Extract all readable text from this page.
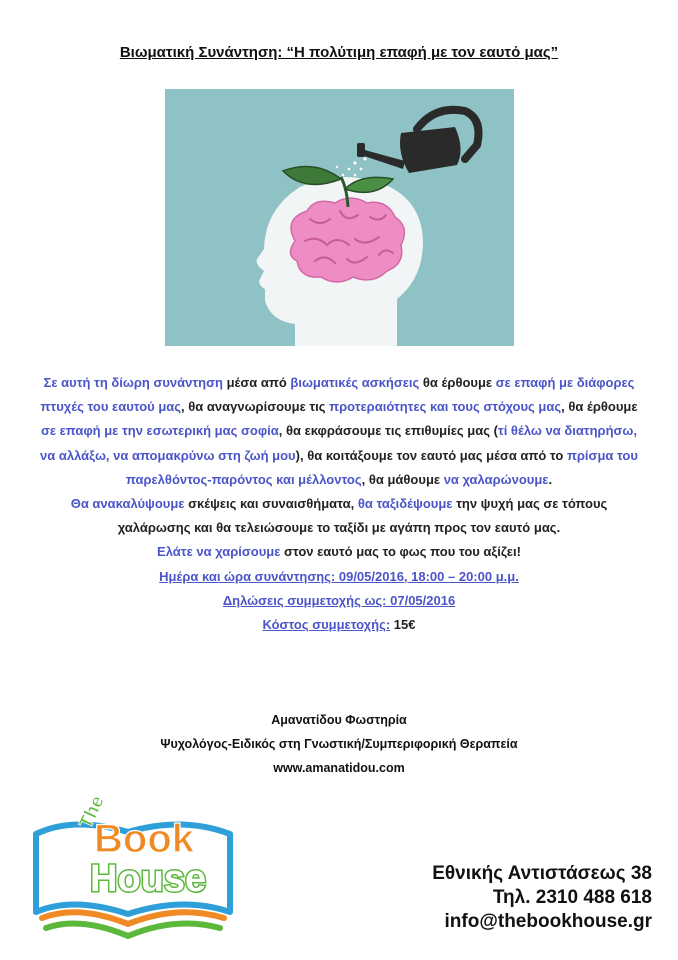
Βιωματική Συνάντηση: “Η πολύτιμη επαφή με τον εαυτό μας”
Σε αυτή τη δίωρη συνάντηση μέσα από βιωματικές ασκήσεις θα έρθουμε σε επαφή με διάφορες πτυχές του εαυτού μας, θα αναγνωρίσουμε τις προτεραιότητες και τους στόχους μας, θα έρθουμε σε επαφή με την εσωτερική μας σοφία, θα εκφράσουμε τις επιθυμίες μας (τί θέλω να διατηρήσω, να αλλάξω, να απομακρύνω στη ζωή μου), θα κοιτάξουμε τον εαυτό μας μέσα από το πρίσμα του παρελθόντος-παρόντος και μέλλοντος, θα μάθουμε να χαλαρώνουμε.
Θα ανακαλύψουμε σκέψεις και συναισθήματα, θα ταξιδέψουμε την ψυχή μας σε τόπους χαλάρωσης και θα τελειώσουμε το ταξίδι με αγάπη προς τον εαυτό μας.
Ελάτε να χαρίσουμε στον εαυτό μας το φως που του αξίζει!
Ημέρα και ώρα συνάντησης: 09/05/2016, 18:00 – 20:00 μ.μ.
Δηλώσεις συμμετοχής ως: 07/05/2016
Κόστος συμμετοχής: 15€
Αμανατίδου Φωστηρία
Ψυχολόγος-Ειδικός στη Γνωστική/Συμπεριφορική Θεραπεία
www.amanatidou.com
The
Book
House	Εθνικής Αντιστάσεως 38
Τηλ. 2310 488 618
info@thebookhouse.gr
